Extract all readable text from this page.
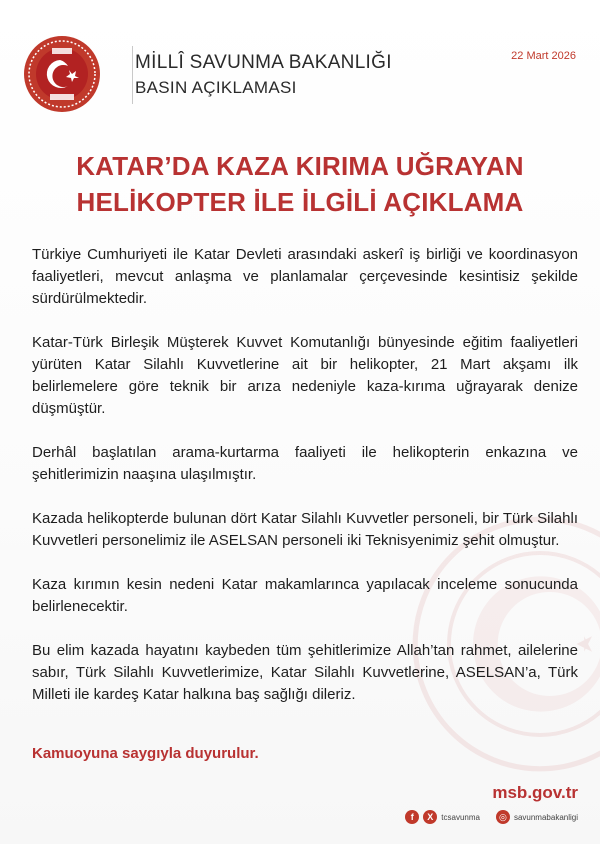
MİLLÎ SAVUNMA BAKANLIĞI
BASIN AÇIKLAMASI
22 Mart 2026
KATAR’DA KAZA KIRIMA UĞRAYAN
HELİKOPTER İLE İLGİLİ AÇIKLAMA

Türkiye Cumhuriyeti ile Katar Devleti arasındaki askerî iş birliği ve koordinasyon faaliyetleri, mevcut anlaşma ve planlamalar çerçevesinde kesintisiz şekilde sürdürülmektedir.

Katar-Türk Birleşik Müşterek Kuvvet Komutanlığı bünyesinde eğitim faaliyetleri yürüten Katar Silahlı Kuvvetlerine ait bir helikopter, 21 Mart akşamı ilk belirlemelere göre teknik bir arıza nedeniyle kaza-kırıma uğrayarak denize düşmüştür.

Derhâl başlatılan arama-kurtarma faaliyeti ile helikopterin enkazına ve şehitlerimizin naaşına ulaşılmıştır.

Kazada helikopterde bulunan dört Katar Silahlı Kuvvetler personeli, bir Türk Silahlı Kuvvetleri personelimiz ile ASELSAN personeli iki Teknisyenimiz şehit olmuştur.

Kaza kırımın kesin nedeni Katar makamlarınca yapılacak inceleme sonucunda belirlenecektir.

Bu elim kazada hayatını kaybeden tüm şehitlerimize Allah’tan rahmet, ailelerine sabır, Türk Silahlı Kuvvetlerimize, Katar Silahlı Kuvvetlerine, ASELSAN’a, Türk Milleti ile kardeş Katar halkına baş sağlığı dileriz.

Kamuoyuna saygıyla duyurulur.
msb.gov.tr
f	X	tcsavunma	◎ savunmabakanligi
